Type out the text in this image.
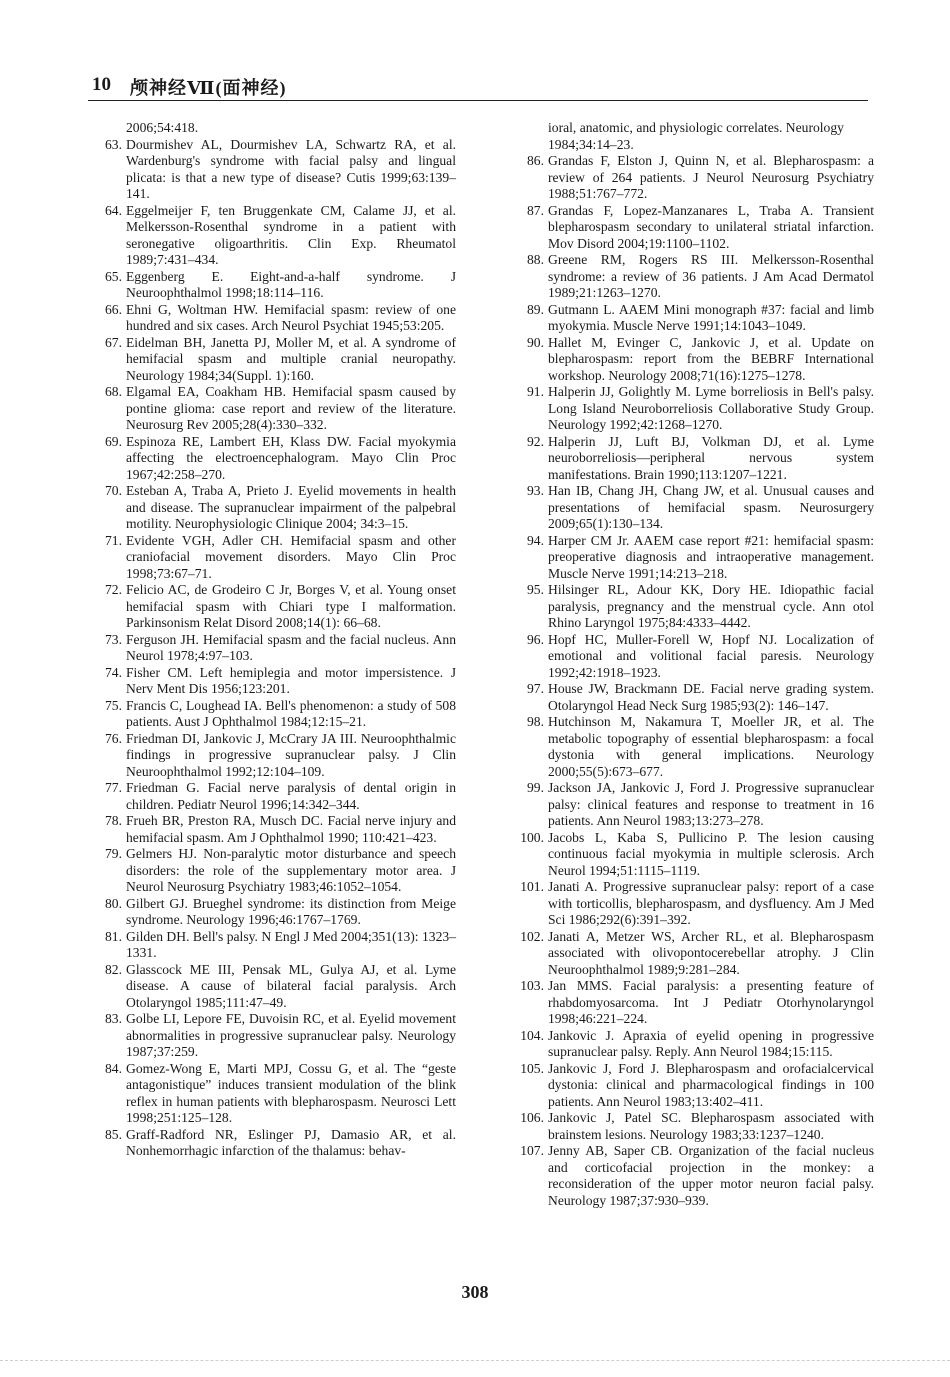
10 颅神经Ⅶ(面神经)
2006;54:418.
63. Dourmishev AL, Dourmishev LA, Schwartz RA, et al. Wardenburg's syndrome with facial palsy and lingual plicata: is that a new type of disease? Cutis 1999;63:139–141.
64. Eggelmeijer F, ten Bruggenkate CM, Calame JJ, et al. Melkersson-Rosenthal syndrome in a patient with seronegative oligoarthritis. Clin Exp. Rheumatol 1989;7:431–434.
65. Eggenberg E. Eight-and-a-half syndrome. J Neuroophthalmol 1998;18:114–116.
66. Ehni G, Woltman HW. Hemifacial spasm: review of one hundred and six cases. Arch Neurol Psychiat 1945;53:205.
67. Eidelman BH, Janetta PJ, Moller M, et al. A syndrome of hemifacial spasm and multiple cranial neuropathy. Neurology 1984;34(Suppl. 1):160.
68. Elgamal EA, Coakham HB. Hemifacial spasm caused by pontine glioma: case report and review of the literature. Neurosurg Rev 2005;28(4):330–332.
69. Espinoza RE, Lambert EH, Klass DW. Facial myokymia affecting the electroencephalogram. Mayo Clin Proc 1967;42:258–270.
70. Esteban A, Traba A, Prieto J. Eyelid movements in health and disease. The supranuclear impairment of the palpebral motility. Neurophysiologic Clinique 2004; 34:3–15.
71. Evidente VGH, Adler CH. Hemifacial spasm and other craniofacial movement disorders. Mayo Clin Proc 1998;73:67–71.
72. Felicio AC, de Grodeiro C Jr, Borges V, et al. Young onset hemifacial spasm with Chiari type I malformation. Parkinsonism Relat Disord 2008;14(1): 66–68.
73. Ferguson JH. Hemifacial spasm and the facial nucleus. Ann Neurol 1978;4:97–103.
74. Fisher CM. Left hemiplegia and motor impersistence. J Nerv Ment Dis 1956;123:201.
75. Francis C, Loughead IA. Bell's phenomenon: a study of 508 patients. Aust J Ophthalmol 1984;12:15–21.
76. Friedman DI, Jankovic J, McCrary JA III. Neuroophthalmic findings in progressive supranuclear palsy. J Clin Neuroophthalmol 1992;12:104–109.
77. Friedman G. Facial nerve paralysis of dental origin in children. Pediatr Neurol 1996;14:342–344.
78. Frueh BR, Preston RA, Musch DC. Facial nerve injury and hemifacial spasm. Am J Ophthalmol 1990; 110:421–423.
79. Gelmers HJ. Non-paralytic motor disturbance and speech disorders: the role of the supplementary motor area. J Neurol Neurosurg Psychiatry 1983;46:1052–1054.
80. Gilbert GJ. Brueghel syndrome: its distinction from Meige syndrome. Neurology 1996;46:1767–1769.
81. Gilden DH. Bell's palsy. N Engl J Med 2004;351(13): 1323–1331.
82. Glasscock ME III, Pensak ML, Gulya AJ, et al. Lyme disease. A cause of bilateral facial paralysis. Arch Otolaryngol 1985;111:47–49.
83. Golbe LI, Lepore FE, Duvoisin RC, et al. Eyelid movement abnormalities in progressive supranuclear palsy. Neurology 1987;37:259.
84. Gomez-Wong E, Marti MPJ, Cossu G, et al. The “geste antagonistique” induces transient modulation of the blink reflex in human patients with blepharospasm. Neurosci Lett 1998;251:125–128.
85. Graff-Radford NR, Eslinger PJ, Damasio AR, et al. Nonhemorrhagic infarction of the thalamus: behav-
ioral, anatomic, and physiologic correlates. Neurology 1984;34:14–23.
86. Grandas F, Elston J, Quinn N, et al. Blepharospasm: a review of 264 patients. J Neurol Neurosurg Psychiatry 1988;51:767–772.
87. Grandas F, Lopez-Manzanares L, Traba A. Transient blepharospasm secondary to unilateral striatal infarction. Mov Disord 2004;19:1100–1102.
88. Greene RM, Rogers RS III. Melkersson-Rosenthal syndrome: a review of 36 patients. J Am Acad Dermatol 1989;21:1263–1270.
89. Gutmann L. AAEM Mini monograph #37: facial and limb myokymia. Muscle Nerve 1991;14:1043–1049.
90. Hallet M, Evinger C, Jankovic J, et al. Update on blepharospasm: report from the BEBRF International workshop. Neurology 2008;71(16):1275–1278.
91. Halperin JJ, Golightly M. Lyme borreliosis in Bell's palsy. Long Island Neuroborreliosis Collaborative Study Group. Neurology 1992;42:1268–1270.
92. Halperin JJ, Luft BJ, Volkman DJ, et al. Lyme neuroborreliosis—peripheral nervous system manifestations. Brain 1990;113:1207–1221.
93. Han IB, Chang JH, Chang JW, et al. Unusual causes and presentations of hemifacial spasm. Neurosurgery 2009;65(1):130–134.
94. Harper CM Jr. AAEM case report #21: hemifacial spasm: preoperative diagnosis and intraoperative management. Muscle Nerve 1991;14:213–218.
95. Hilsinger RL, Adour KK, Dory HE. Idiopathic facial paralysis, pregnancy and the menstrual cycle. Ann otol Rhino Laryngol 1975;84:4333–4442.
96. Hopf HC, Muller-Forell W, Hopf NJ. Localization of emotional and volitional facial paresis. Neurology 1992;42:1918–1923.
97. House JW, Brackmann DE. Facial nerve grading system. Otolaryngol Head Neck Surg 1985;93(2): 146–147.
98. Hutchinson M, Nakamura T, Moeller JR, et al. The metabolic topography of essential blepharospasm: a focal dystonia with general implications. Neurology 2000;55(5):673–677.
99. Jackson JA, Jankovic J, Ford J. Progressive supranuclear palsy: clinical features and response to treatment in 16 patients. Ann Neurol 1983;13:273–278.
100. Jacobs L, Kaba S, Pullicino P. The lesion causing continuous facial myokymia in multiple sclerosis. Arch Neurol 1994;51:1115–1119.
101. Janati A. Progressive supranuclear palsy: report of a case with torticollis, blepharospasm, and dysfluency. Am J Med Sci 1986;292(6):391–392.
102. Janati A, Metzer WS, Archer RL, et al. Blepharospasm associated with olivopontocerebellar atrophy. J Clin Neuroophthalmol 1989;9:281–284.
103. Jan MMS. Facial paralysis: a presenting feature of rhabdomyosarcoma. Int J Pediatr Otorhynolaryngol 1998;46:221–224.
104. Jankovic J. Apraxia of eyelid opening in progressive supranuclear palsy. Reply. Ann Neurol 1984;15:115.
105. Jankovic J, Ford J. Blepharospasm and orofacialcervical dystonia: clinical and pharmacological findings in 100 patients. Ann Neurol 1983;13:402–411.
106. Jankovic J, Patel SC. Blepharospasm associated with brainstem lesions. Neurology 1983;33:1237–1240.
107. Jenny AB, Saper CB. Organization of the facial nucleus and corticofacial projection in the monkey: a reconsideration of the upper motor neuron facial palsy. Neurology 1987;37:930–939.
308
